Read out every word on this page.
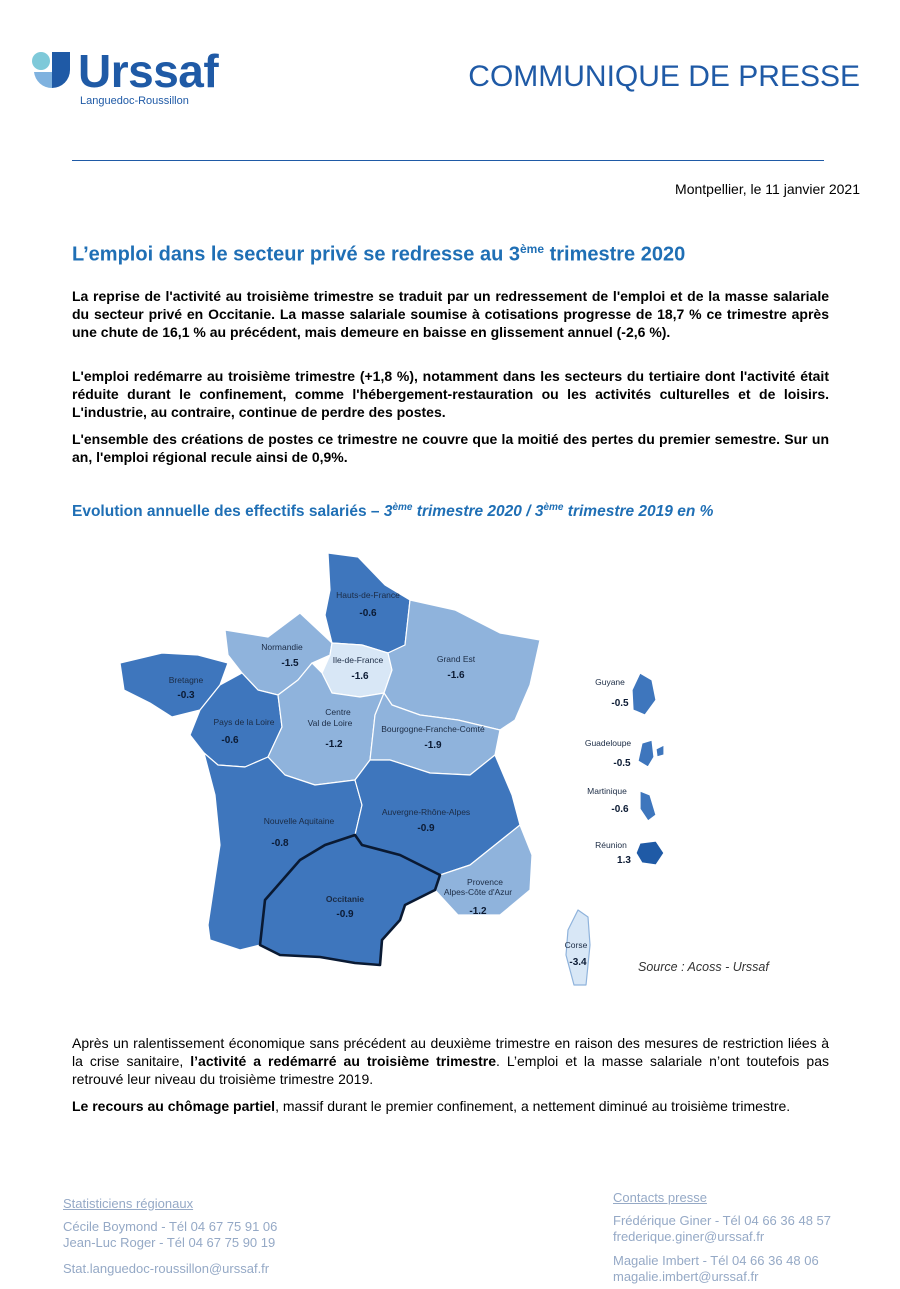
Urssaf
Languedoc-Roussillon
COMMUNIQUE DE PRESSE
Montpellier, le 11 janvier 2021
L’emploi dans le secteur privé se redresse au 3ème trimestre 2020
La reprise de l'activité au troisième trimestre se traduit par un redressement de l'emploi et de la masse salariale du secteur privé en Occitanie. La masse salariale soumise à cotisations progresse de 18,7 % ce trimestre après une chute de 16,1 % au précédent, mais demeure en baisse en glissement annuel (-2,6 %).
L'emploi redémarre au troisième trimestre (+1,8 %), notamment dans les secteurs du tertiaire dont l'activité était réduite durant le confinement, comme l'hébergement-restauration ou les activités culturelles et de loisirs. L'industrie, au contraire, continue de perdre des postes.
L'ensemble des créations de postes ce trimestre ne couvre que la moitié des pertes du premier semestre. Sur un an, l'emploi régional recule ainsi de 0,9%.
Evolution annuelle des effectifs salariés – 3ème trimestre 2020 / 3ème trimestre 2019 en %
Hauts-de-France
-0.6
Normandie
-1.5	Ile-de-France
-1.6
Grand Est
-1.6
Bretagne
-0.3
Pays de la Loire
-0.6
Centre
Val de Loire
-1.2
Bourgogne-Franche-Comté
-1.9
Nouvelle Aquitaine
-0.8
Auvergne-Rhône-Alpes
-0.9
Occitanie
-0.9
Provence
Alpes-Côte d'Azur
-1.2
Corse
-3.4
Guyane
-0.5
Guadeloupe
-0.5
Martinique
-0.6
Réunion
1.3
Source : Acoss - Urssaf
Après un ralentissement économique sans précédent au deuxième trimestre en raison des mesures de restriction liées à la crise sanitaire, l’activité a redémarré au troisième trimestre. L’emploi et la masse salariale n’ont toutefois pas retrouvé leur niveau du troisième trimestre 2019.
Le recours au chômage partiel, massif durant le premier confinement, a nettement diminué au troisième trimestre.
Statisticiens régionaux
Cécile Boymond - Tél 04 67 75 91 06
Jean-Luc Roger - Tél 04 67 75 90 19
Stat.languedoc-roussillon@urssaf.fr
Contacts presse
Frédérique Giner - Tél 04 66 36 48 57
frederique.giner@urssaf.fr
Magalie Imbert - Tél 04 66 36 48 06
magalie.imbert@urssaf.fr
